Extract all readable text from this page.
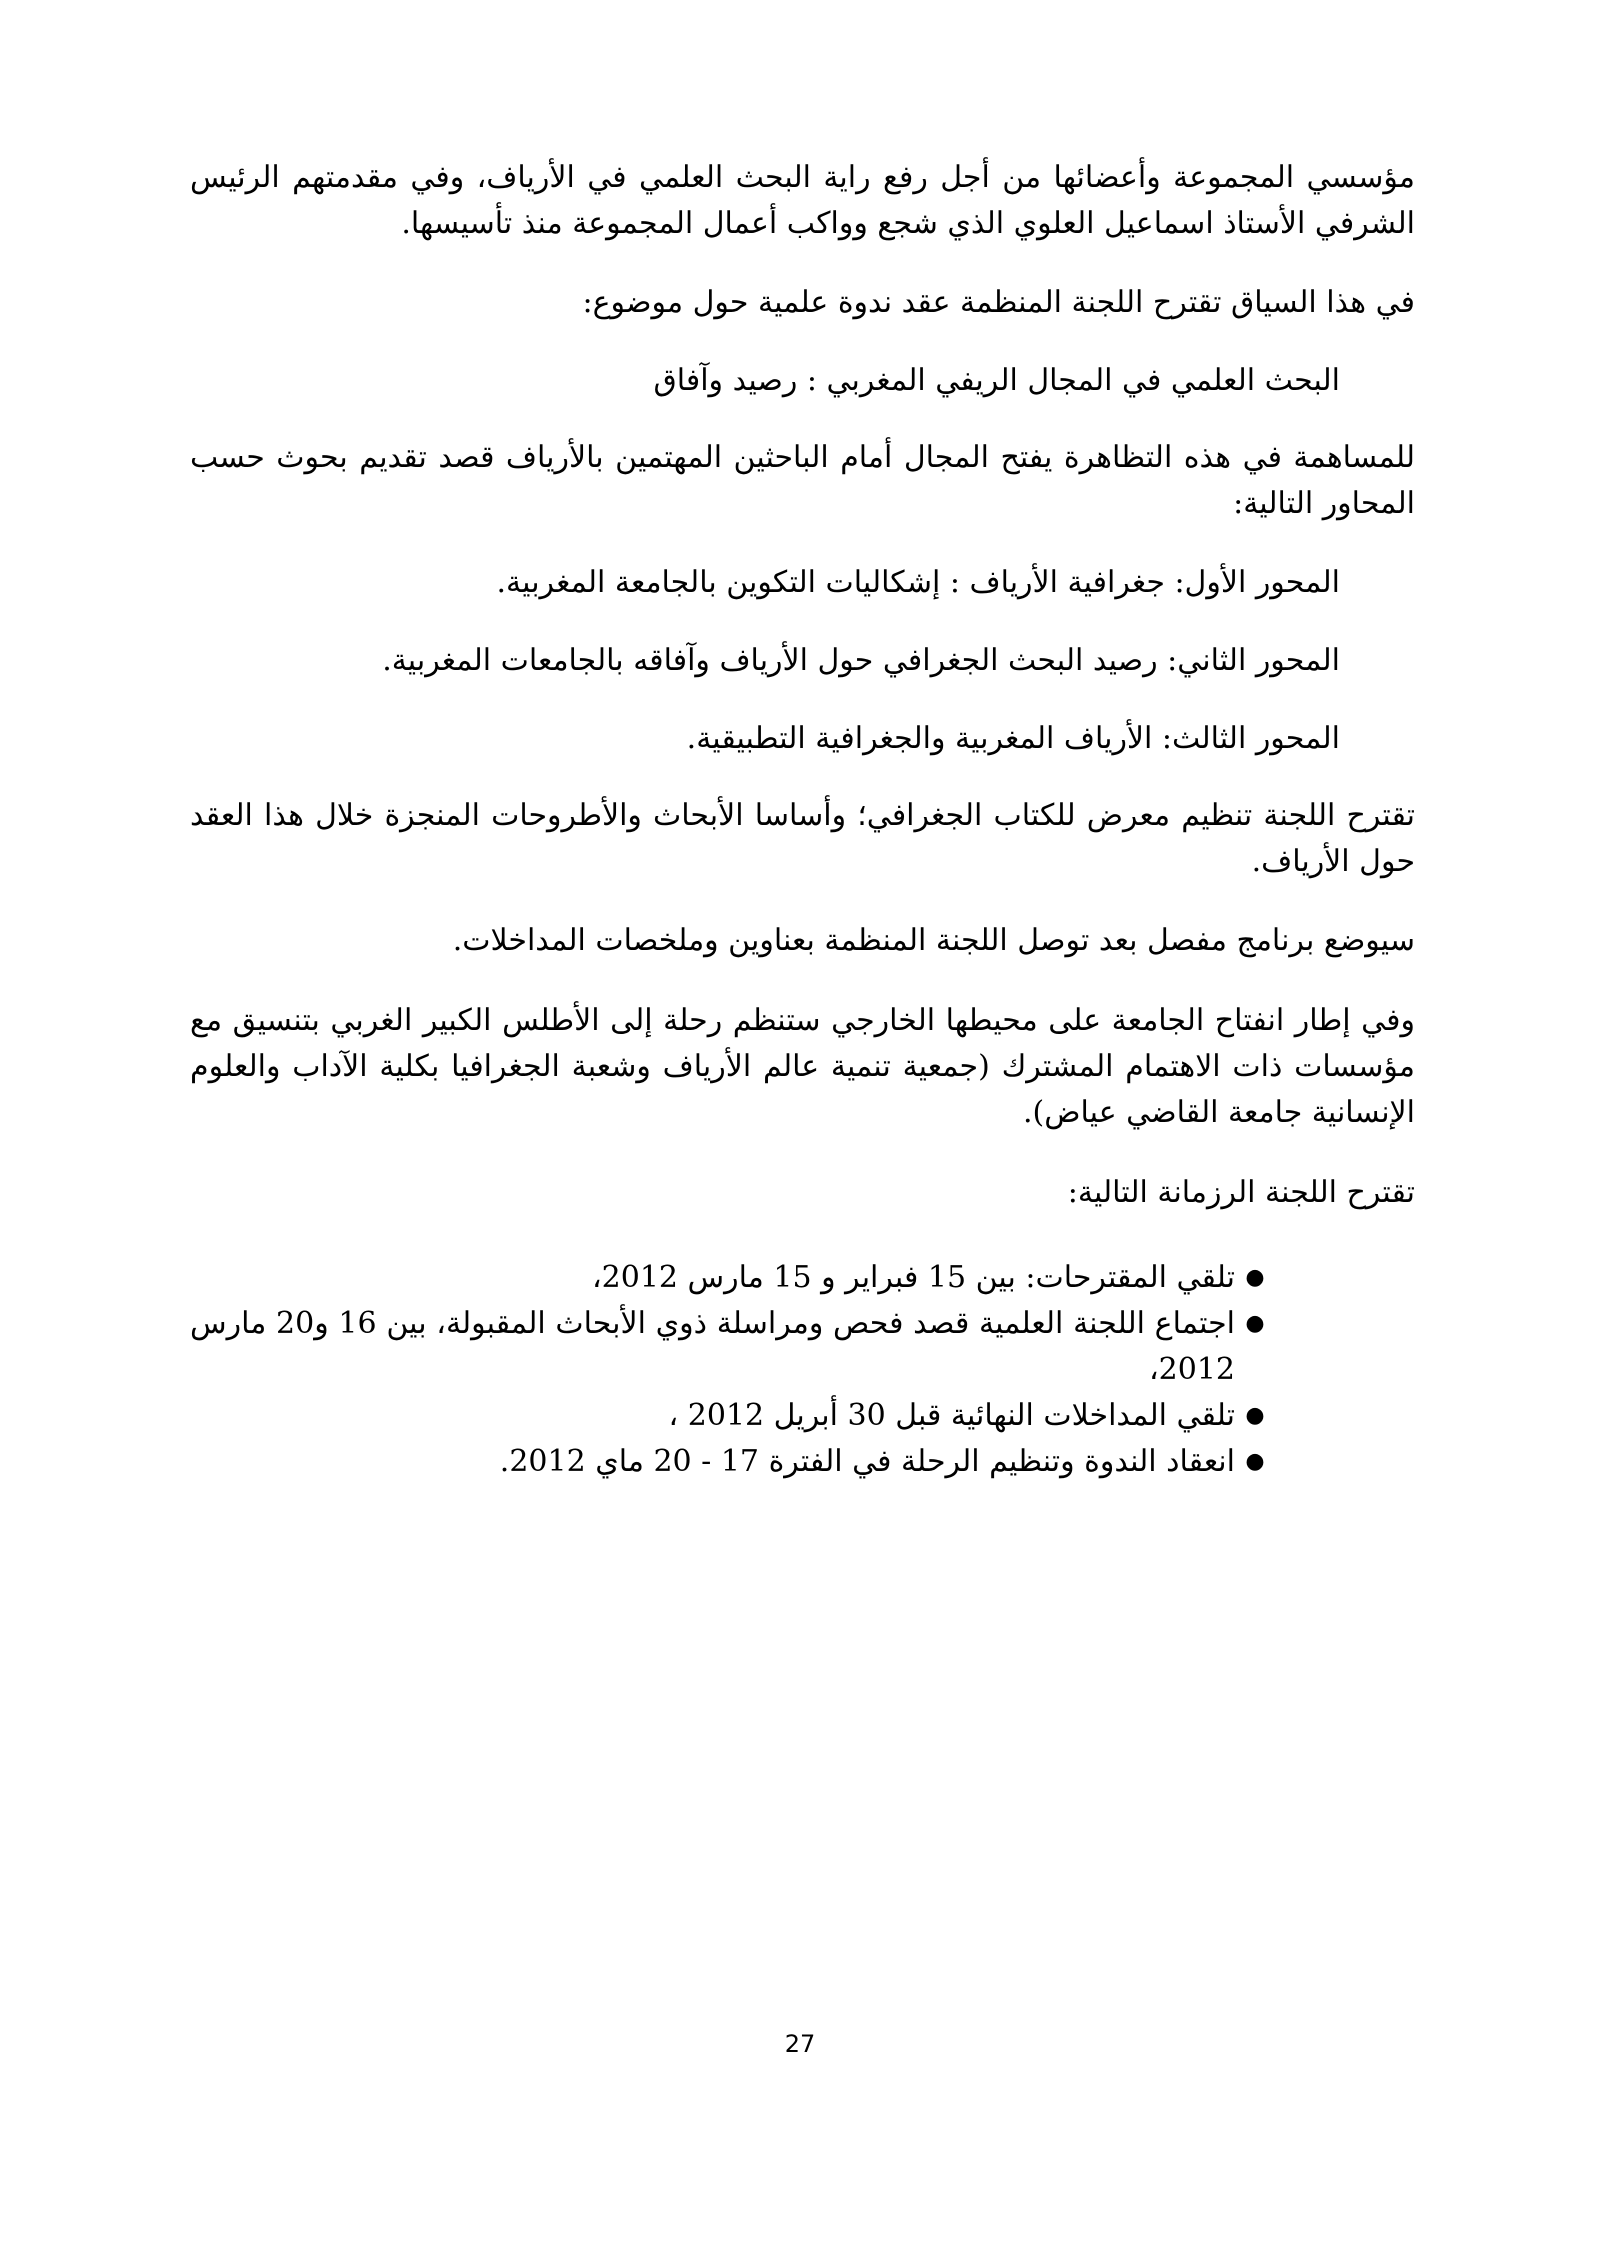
مؤسسي المجموعة وأعضائها من أجل رفع راية البحث العلمي في الأرياف، وفي مقدمتهم الرئيس الشرفي الأستاذ اسماعيل العلوي الذي شجع وواكب أعمال المجموعة منذ تأسيسها.
في هذا السياق تقترح اللجنة المنظمة عقد ندوة علمية حول موضوع:
البحث العلمي في المجال الريفي المغربي : رصيد وآفاق
للمساهمة في هذه التظاهرة يفتح المجال أمام الباحثين المهتمين بالأرياف قصد تقديم بحوث حسب المحاور التالية:
المحور الأول: جغرافية الأرياف : إشكاليات التكوين بالجامعة المغربية.
المحور الثاني: رصيد البحث الجغرافي حول الأرياف وآفاقه بالجامعات المغربية.
المحور الثالث: الأرياف المغربية والجغرافية التطبيقية.
تقترح اللجنة تنظيم معرض للكتاب الجغرافي؛ وأساسا الأبحاث والأطروحات المنجزة خلال هذا العقد حول الأرياف.
سيوضع برنامج مفصل بعد توصل اللجنة المنظمة بعناوين وملخصات المداخلات.
وفي إطار انفتاح الجامعة على محيطها الخارجي ستنظم رحلة إلى الأطلس الكبير الغربي بتنسيق مع مؤسسات ذات الاهتمام المشترك (جمعية تنمية عالم الأرياف وشعبة الجغرافيا بكلية الآداب والعلوم الإنسانية جامعة القاضي عياض).
تقترح اللجنة الرزمانة التالية:
●
تلقي المقترحات: بين 15 فبراير و 15 مارس 2012،
●
اجتماع اللجنة العلمية قصد فحص ومراسلة ذوي الأبحاث المقبولة، بين 16 و20 مارس 2012،
●
تلقي المداخلات النهائية قبل 30 أبريل 2012 ،
●
انعقاد الندوة وتنظيم الرحلة في الفترة 17 - 20 ماي 2012.
27
